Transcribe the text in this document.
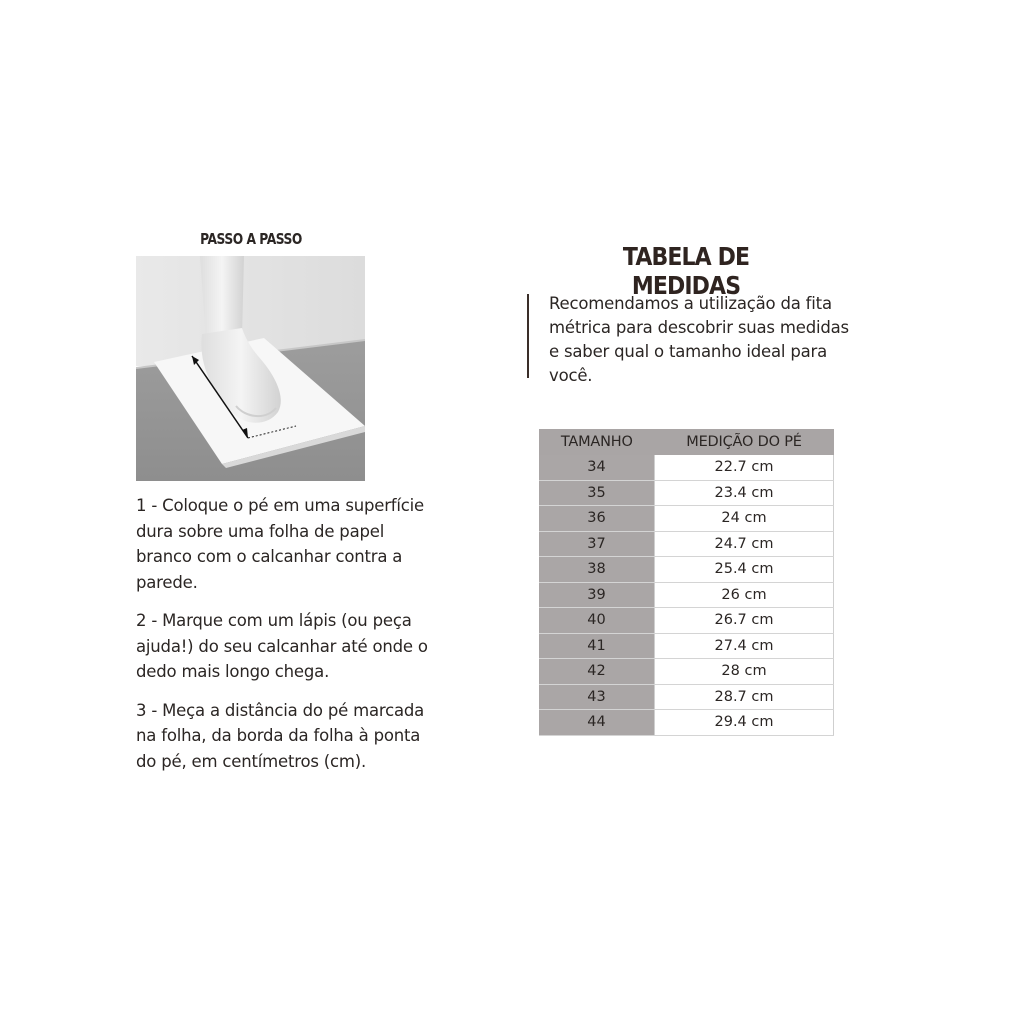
PASSO A PASSO

1 - Coloque o pé em uma superfície dura sobre uma folha de papel branco com o calcanhar contra a parede.

2 - Marque com um lápis (ou peça ajuda!) do seu calcanhar até onde o dedo mais longo chega.

3 - Meça a distância do pé marcada na folha, da borda da folha à ponta do pé, em centímetros (cm).

TABELA DE MEDIDAS
Recomendamos a utilização da fita métrica para descobrir suas medidas e saber qual o tamanho ideal para você.
TAMANHO	MEDIÇÃO DO PÉ
34	22.7 cm
35	23.4 cm
36	24 cm
37	24.7 cm
38	25.4 cm
39	26 cm
40	26.7 cm
41	27.4 cm
42	28 cm
43	28.7 cm
44	29.4 cm
